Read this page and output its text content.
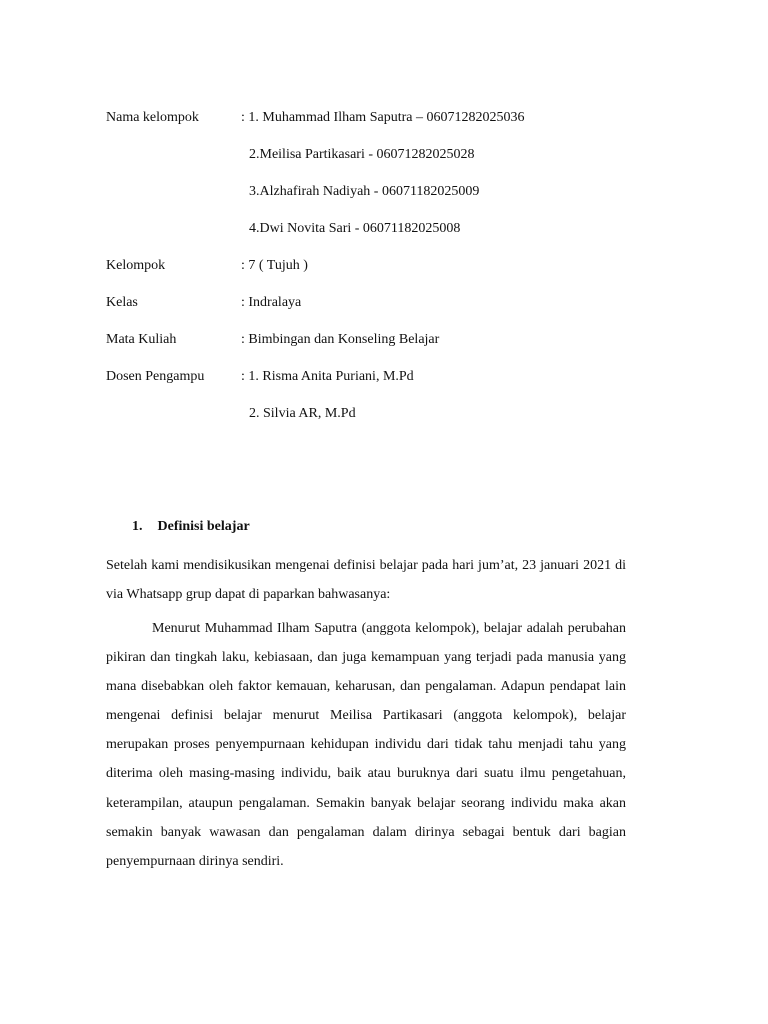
Nama kelompok	: 1. Muhammad Ilham Saputra – 06071282025036
2.Meilisa Partikasari - 06071282025028
3.Alzhafirah Nadiyah - 06071182025009
4.Dwi Novita Sari - 06071182025008
Kelompok	: 7 ( Tujuh )
Kelas	: Indralaya
Mata Kuliah	: Bimbingan dan Konseling Belajar
Dosen Pengampu	: 1. Risma Anita Puriani, M.Pd
2. Silvia AR, M.Pd
1. Definisi belajar

Setelah kami mendisikusikan mengenai definisi belajar pada hari jum’at, 23 januari 2021 di via Whatsapp grup dapat di paparkan bahwasanya:

Menurut Muhammad Ilham Saputra (anggota kelompok), belajar adalah perubahan pikiran dan tingkah laku, kebiasaan, dan juga kemampuan yang terjadi pada manusia yang mana disebabkan oleh faktor kemauan, keharusan, dan pengalaman. Adapun pendapat lain mengenai definisi belajar menurut Meilisa Partikasari (anggota kelompok), belajar merupakan proses penyempurnaan kehidupan individu dari tidak tahu menjadi tahu yang diterima oleh masing-masing individu, baik atau buruknya dari suatu ilmu pengetahuan, keterampilan, ataupun pengalaman. Semakin banyak belajar seorang individu maka akan semakin banyak wawasan dan pengalaman dalam dirinya sebagai bentuk dari bagian penyempurnaan dirinya sendiri.
